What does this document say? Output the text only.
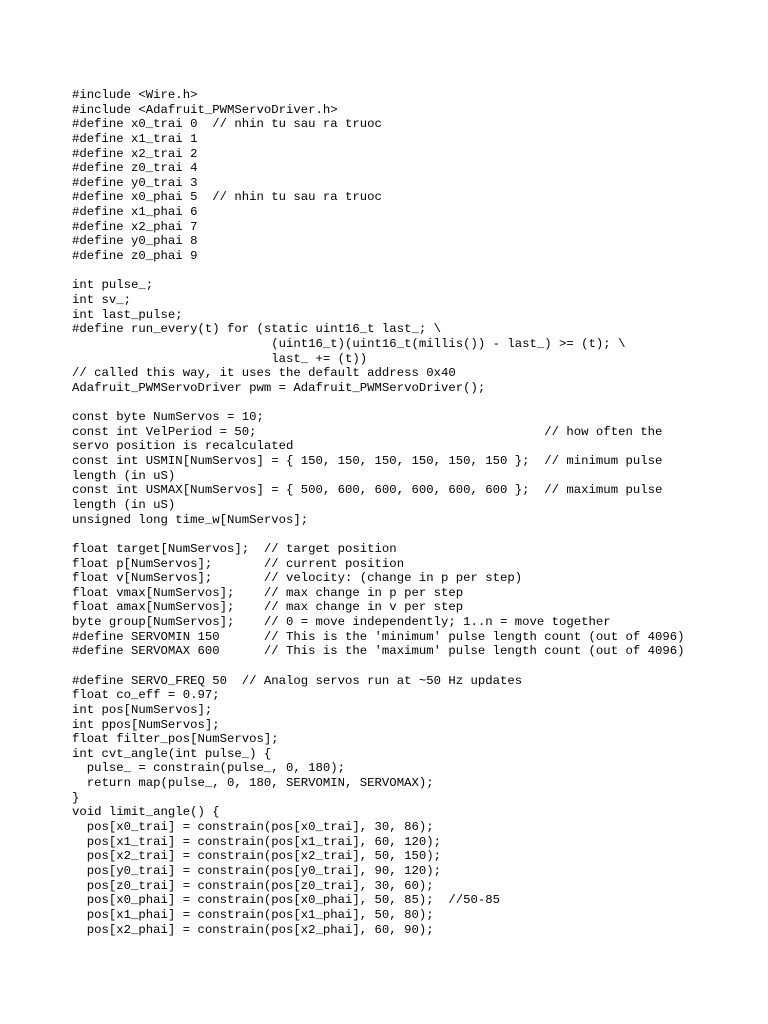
#include <Wire.h>
#include <Adafruit_PWMServoDriver.h>
#define x0_trai 0  // nhin tu sau ra truoc
#define x1_trai 1
#define x2_trai 2
#define z0_trai 4
#define y0_trai 3
#define x0_phai 5  // nhin tu sau ra truoc
#define x1_phai 6
#define x2_phai 7
#define y0_phai 8
#define z0_phai 9
int pulse_;
int sv_;
int last_pulse;
#define run_every(t) for (static uint16_t last_; \
(uint16_t)(uint16_t(millis()) - last_) >= (t); \
last_ += (t))
// called this way, it uses the default address 0x40
Adafruit_PWMServoDriver pwm = Adafruit_PWMServoDriver();
const byte NumServos = 10;
const int VelPeriod = 50;                                       // how often the
servo position is recalculated
const int USMIN[NumServos] = { 150, 150, 150, 150, 150, 150 };  // minimum pulse
length (in uS)
const int USMAX[NumServos] = { 500, 600, 600, 600, 600, 600 };  // maximum pulse
length (in uS)
unsigned long time_w[NumServos];
float target[NumServos];  // target position
float p[NumServos];       // current position
float v[NumServos];       // velocity: (change in p per step)
float vmax[NumServos];    // max change in p per step
float amax[NumServos];    // max change in v per step
byte group[NumServos];    // 0 = move independently; 1..n = move together
#define SERVOMIN 150      // This is the 'minimum' pulse length count (out of 4096)
#define SERVOMAX 600      // This is the 'maximum' pulse length count (out of 4096)
#define SERVO_FREQ 50  // Analog servos run at ~50 Hz updates
float co_eff = 0.97;
int pos[NumServos];
int ppos[NumServos];
float filter_pos[NumServos];
int cvt_angle(int pulse_) {
pulse_ = constrain(pulse_, 0, 180);
return map(pulse_, 0, 180, SERVOMIN, SERVOMAX);
}
void limit_angle() {
pos[x0_trai] = constrain(pos[x0_trai], 30, 86);
pos[x1_trai] = constrain(pos[x1_trai], 60, 120);
pos[x2_trai] = constrain(pos[x2_trai], 50, 150);
pos[y0_trai] = constrain(pos[y0_trai], 90, 120);
pos[z0_trai] = constrain(pos[z0_trai], 30, 60);
pos[x0_phai] = constrain(pos[x0_phai], 50, 85);  //50-85
pos[x1_phai] = constrain(pos[x1_phai], 50, 80);
pos[x2_phai] = constrain(pos[x2_phai], 60, 90);
